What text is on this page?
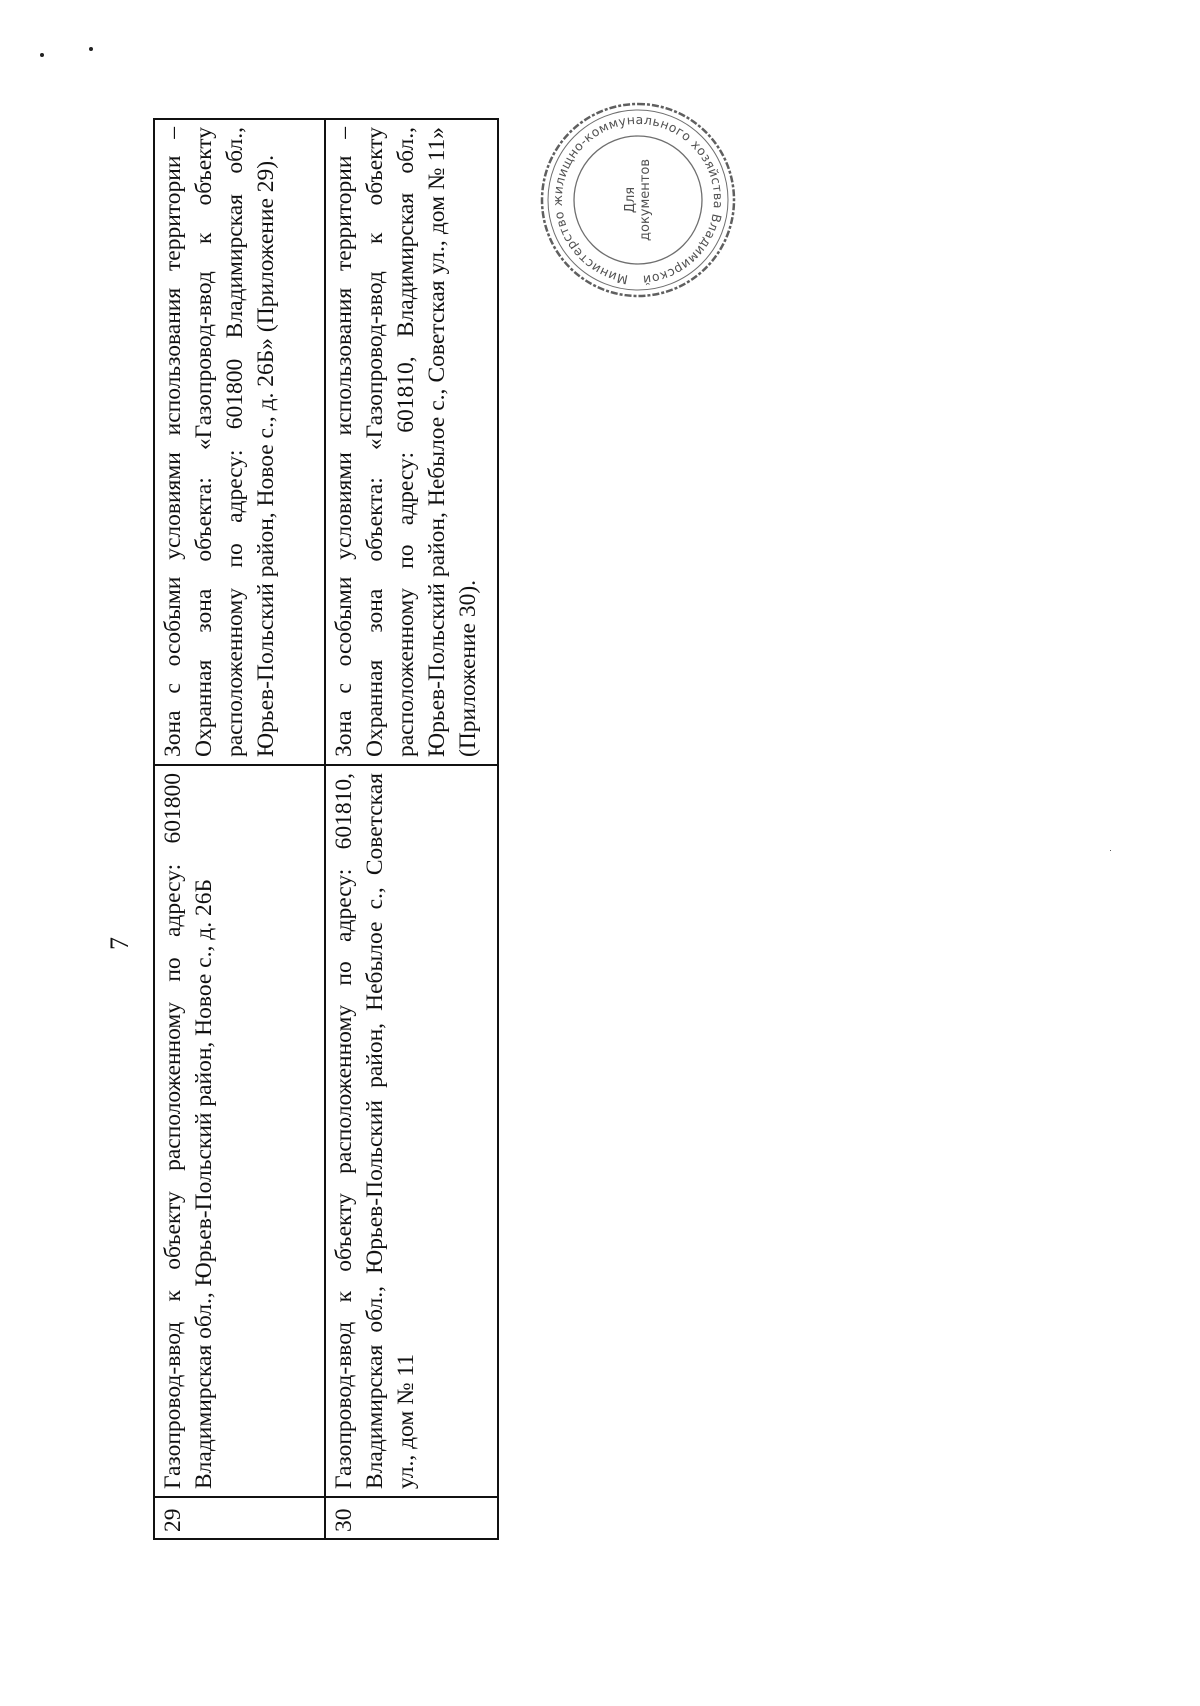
7
29	Газопровод-ввод к объекту расположенному по адресу: 601800 Владимирская обл., Юрьев-Польский район, Новое с., д. 26Б	Зона с особыми условиями использования территории – Охранная зона объекта: «Газопровод-ввод к объекту расположенному по адресу: 601800 Владимирская обл., Юрьев-Польский район, Новое с., д. 26Б» (Приложение 29).
30	Газопровод-ввод к объекту расположенному по адресу: 601810, Владимирская обл., Юрьев-Польский район, Небылое с., Советская ул., дом № 11	Зона с особыми условиями использования территории – Охранная зона объекта: «Газопровод-ввод к объекту расположенному по адресу: 601810, Владимирская обл., Юрьев-Польский район, Небылое с., Советская ул., дом № 11» (Приложение 30).
Министерство жилищно-коммунального хозяйства Владимирской
Для документов
